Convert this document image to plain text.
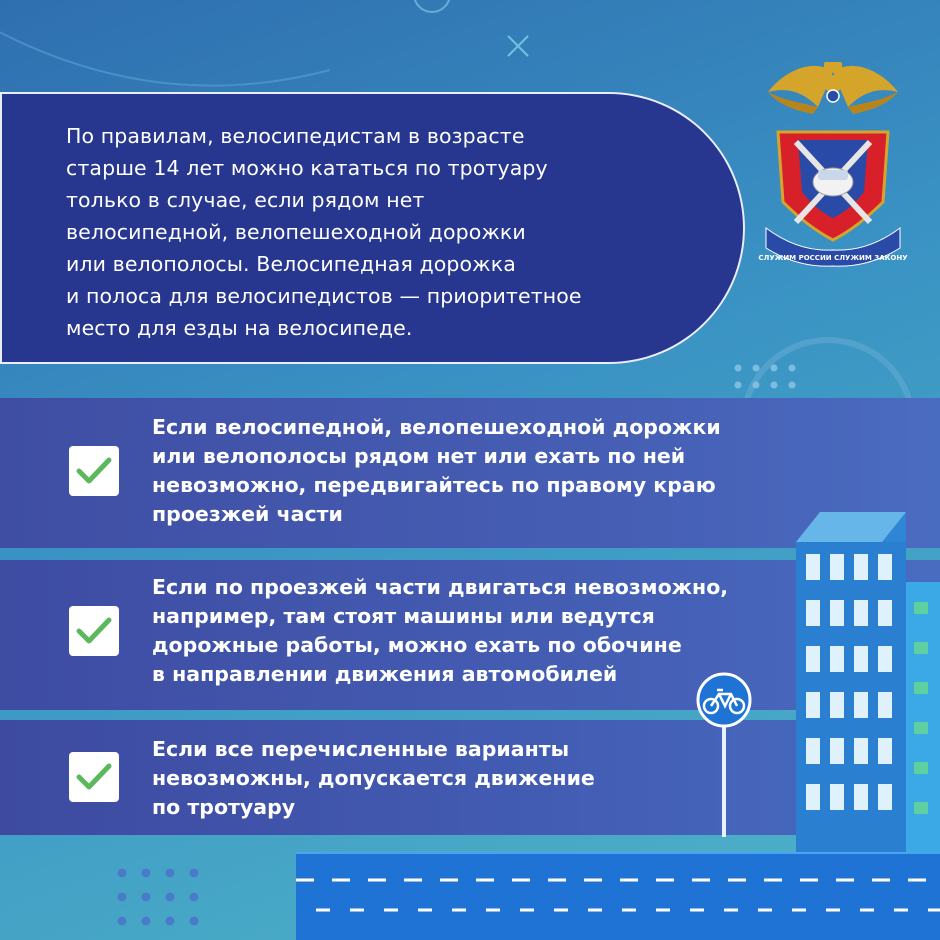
По правилам, велосипедистам в возрасте
старше 14 лет можно кататься по тротуару
только в случае, если рядом нет
велосипедной, велопешеходной дорожки
или велополосы. Велосипедная дорожка
и полоса для велосипедистов — приоритетное
место для езды на велосипеде.
СЛУЖИМ РОССИИ СЛУЖИМ ЗАКОНУ
Если велосипедной, велопешеходной дорожки
или велополосы рядом нет или ехать по ней
невозможно, передвигайтесь по правому краю
проезжей части
Если по проезжей части двигаться невозможно,
например, там стоят машины или ведутся
дорожные работы, можно ехать по обочине
в направлении движения автомобилей
Если все перечисленные варианты
невозможны, допускается движение
по тротуару
